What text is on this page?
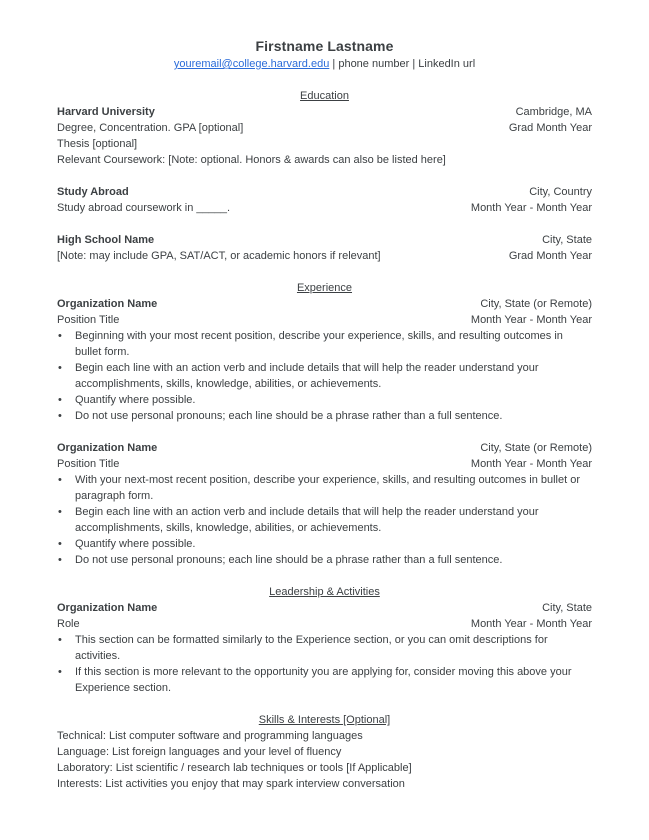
Firstname Lastname
youremail@college.harvard.edu | phone number | LinkedIn url
Education
Harvard University	Cambridge, MA
Degree, Concentration. GPA [optional]	Grad Month Year
Thesis [optional]
Relevant Coursework: [Note: optional. Honors & awards can also be listed here]
Study Abroad	City, Country
Study abroad coursework in _____.	Month Year - Month Year
High School Name	City, State
[Note: may include GPA, SAT/ACT, or academic honors if relevant]	Grad Month Year
Experience
Organization Name	City, State (or Remote)
Position Title	Month Year - Month Year
•	Beginning with your most recent position, describe your experience, skills, and resulting outcomes in bullet form.
•	Begin each line with an action verb and include details that will help the reader understand your accomplishments, skills, knowledge, abilities, or achievements.
•	Quantify where possible.
•	Do not use personal pronouns; each line should be a phrase rather than a full sentence.
Organization Name	City, State (or Remote)
Position Title	Month Year - Month Year
•	With your next-most recent position, describe your experience, skills, and resulting outcomes in bullet or paragraph form.
•	Begin each line with an action verb and include details that will help the reader understand your accomplishments, skills, knowledge, abilities, or achievements.
•	Quantify where possible.
•	Do not use personal pronouns; each line should be a phrase rather than a full sentence.
Leadership & Activities
Organization Name	City, State
Role	Month Year - Month Year
•	This section can be formatted similarly to the Experience section, or you can omit descriptions for activities.
•	If this section is more relevant to the opportunity you are applying for, consider moving this above your Experience section.
Skills & Interests [Optional]
Technical: List computer software and programming languages
Language: List foreign languages and your level of fluency
Laboratory: List scientific / research lab techniques or tools [If Applicable]
Interests: List activities you enjoy that may spark interview conversation
